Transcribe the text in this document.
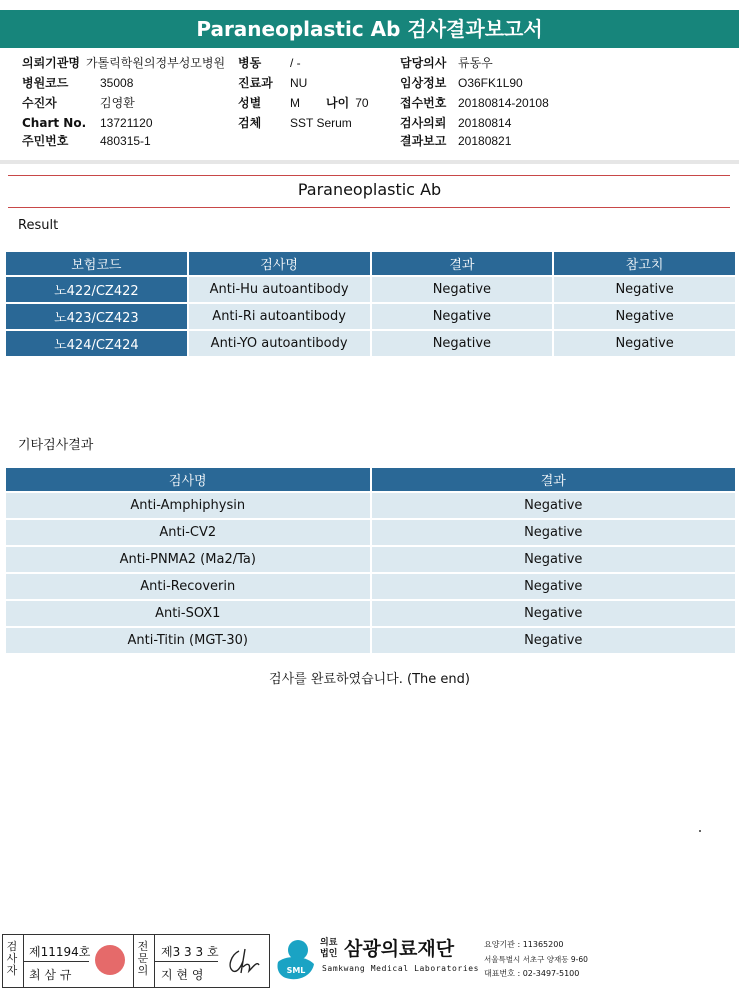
Paraneoplastic Ab 검사결과보고서
의뢰기관명 가톨릭학원의정부성모병원
병원코드	35008
수진자	김영환
Chart No. 13721120
주민번호	480315-1
병동 / -
진료과 NU
성별 M
검체 SST Serum
나이 70
담당의사 류동우
임상정보 O36FK1L90
접수번호 20180814-20108
검사의뢰 20180814
결과보고 20180821
Paraneoplastic Ab
Result
보험코드	검사명	결과	참고치
노422/CZ422	Anti-Hu autoantibody	Negative	Negative
노423/CZ423	Anti-Ri autoantibody	Negative	Negative
노424/CZ424	Anti-YO autoantibody	Negative	Negative
기타검사결과
검사명	결과
Anti-Amphiphysin	Negative
Anti-CV2	Negative
Anti-PNMA2 (Ma2/Ta)	Negative
Anti-Recoverin	Negative
Anti-SOX1	Negative
Anti-Titin (MGT-30)	Negative
검사를 완료하였습니다. (The end)
검사자
제11194호
최 삼 규
전문의
제3 3 3 호
지 현 영	SML
의료
법인 삼광의료재단
Samkwang Medical Laboratories
요양기관 : 11365200
서울특별시 서초구 양재동 9-60
대표번호 : 02-3497-5100
